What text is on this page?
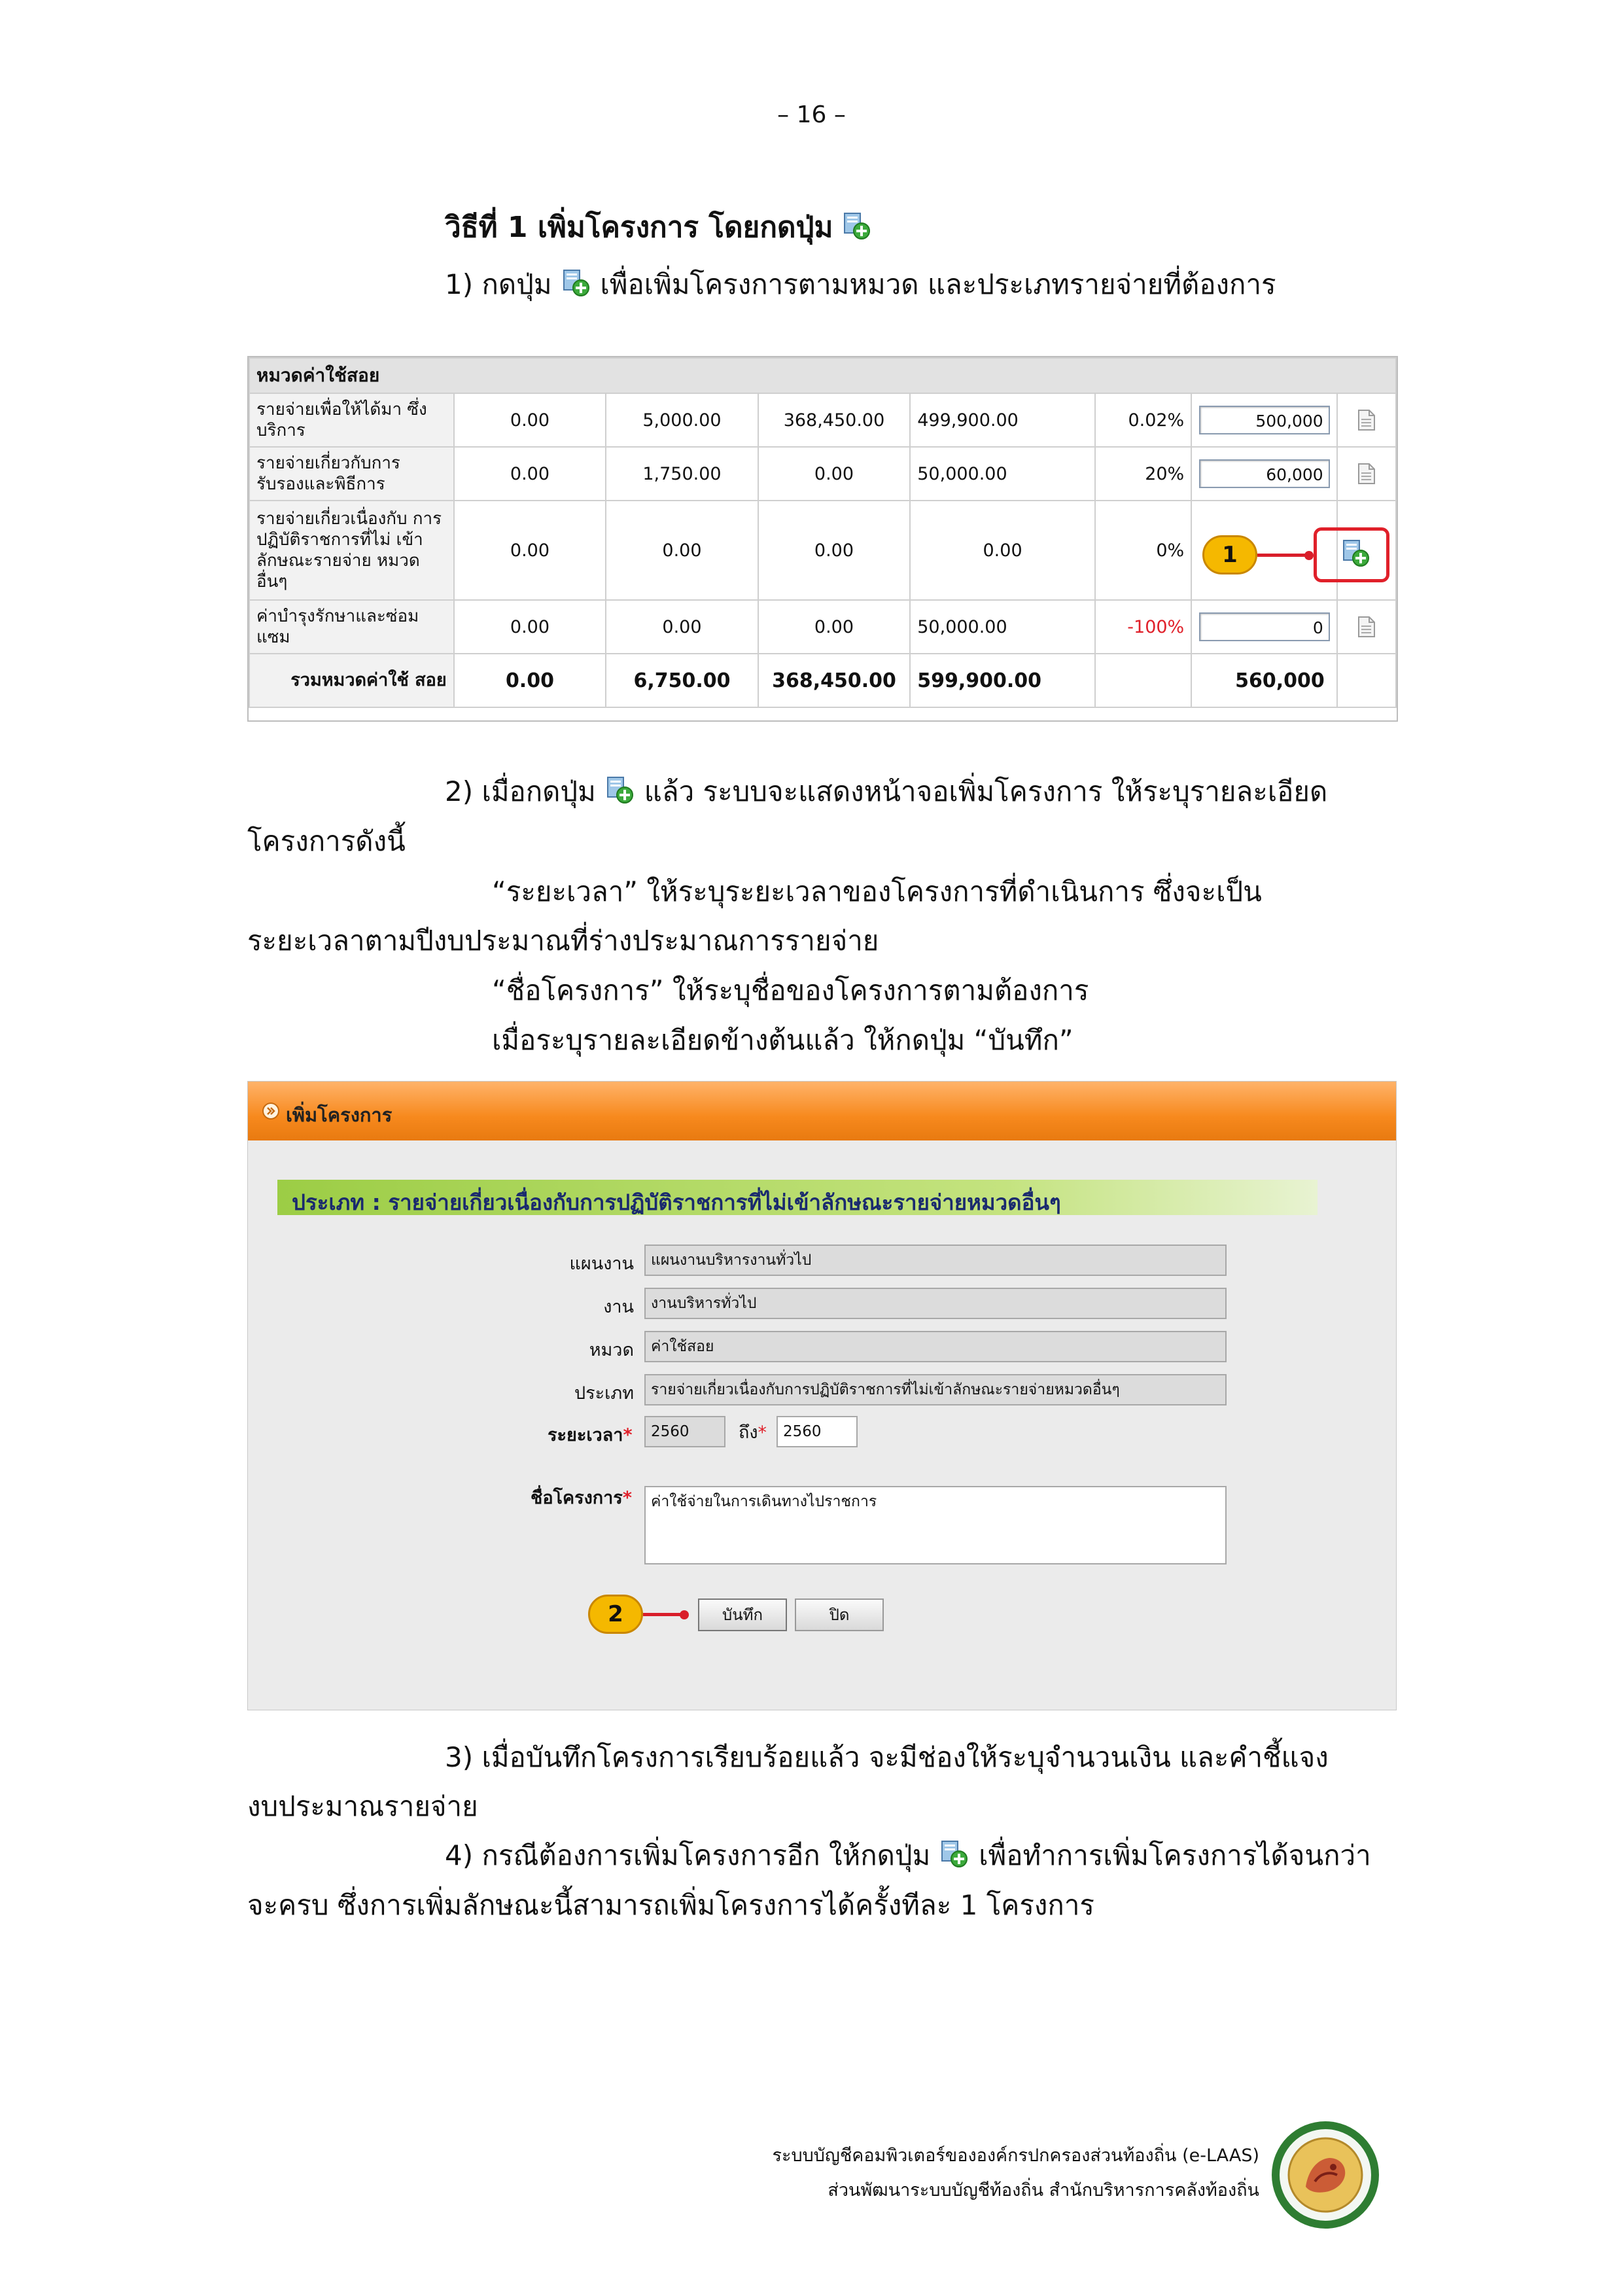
– 16 –
วิธีที่ 1 เพิ่มโครงการ โดยกดปุ่ม
1) กดปุ่ม เพื่อเพิ่มโครงการตามหมวด และประเภทรายจ่ายที่ต้องการ
หมวดค่าใช้สอย							
รายจ่ายเพื่อให้ได้มา ซึ่งบริการ	0.00	5,000.00	368,450.00	499,900.00	0.02%	500,000

รายจ่ายเกี่ยวกับการ รับรองและพิธีการ	0.00	1,750.00	0.00	50,000.00	20%	60,000

รายจ่ายเกี่ยวเนื่องกับ การปฏิบัติราชการที่ไม่ เข้าลักษณะรายจ่าย หมวดอื่นๆ	0.00	0.00	0.00	0.00	0%		
ค่าบำรุงรักษาและซ่อม แซม	0.00	0.00	0.00	50,000.00	-100%	0

รวมหมวดค่าใช้ สอย	0.00	6,750.00	368,450.00	599,900.00		560,000	
1
2) เมื่อกดปุ่ม แล้ว ระบบจะแสดงหน้าจอเพิ่มโครงการ ให้ระบุรายละเอียด
โครงการดังนี้
“ระยะเวลา” ให้ระบุระยะเวลาของโครงการที่ดำเนินการ ซึ่งจะเป็น
ระยะเวลาตามปีงบประมาณที่ร่างประมาณการรายจ่าย
“ชื่อโครงการ” ให้ระบุชื่อของโครงการตามต้องการ
เมื่อระบุรายละเอียดข้างต้นแล้ว ให้กดปุ่ม “บันทึก”
เพิ่มโครงการ
ประเภท : รายจ่ายเกี่ยวเนื่องกับการปฏิบัติราชการที่ไม่เข้าลักษณะรายจ่ายหมวดอื่นๆ
แผนงาน	แผนงานบริหารงานทั่วไป
งาน	งานบริหารทั่วไป
หมวด	ค่าใช้สอย
ประเภท	รายจ่ายเกี่ยวเนื่องกับการปฏิบัติราชการที่ไม่เข้าลักษณะรายจ่ายหมวดอื่นๆ
ระยะเวลา*	2560	ถึง*	2560
ชื่อโครงการ*	ค่าใช้จ่ายในการเดินทางไปราชการ
2	บันทึก	ปิด
3) เมื่อบันทึกโครงการเรียบร้อยแล้ว จะมีช่องให้ระบุจำนวนเงิน และคำชี้แจง
งบประมาณรายจ่าย
4) กรณีต้องการเพิ่มโครงการอีก ให้กดปุ่ม เพื่อทำการเพิ่มโครงการได้จนกว่า
จะครบ ซึ่งการเพิ่มลักษณะนี้สามารถเพิ่มโครงการได้ครั้งทีละ 1 โครงการ
ระบบบัญชีคอมพิวเตอร์ขององค์กรปกครองส่วนท้องถิ่น (e-LAAS)
ส่วนพัฒนาระบบบัญชีท้องถิ่น สำนักบริหารการคลังท้องถิ่น
